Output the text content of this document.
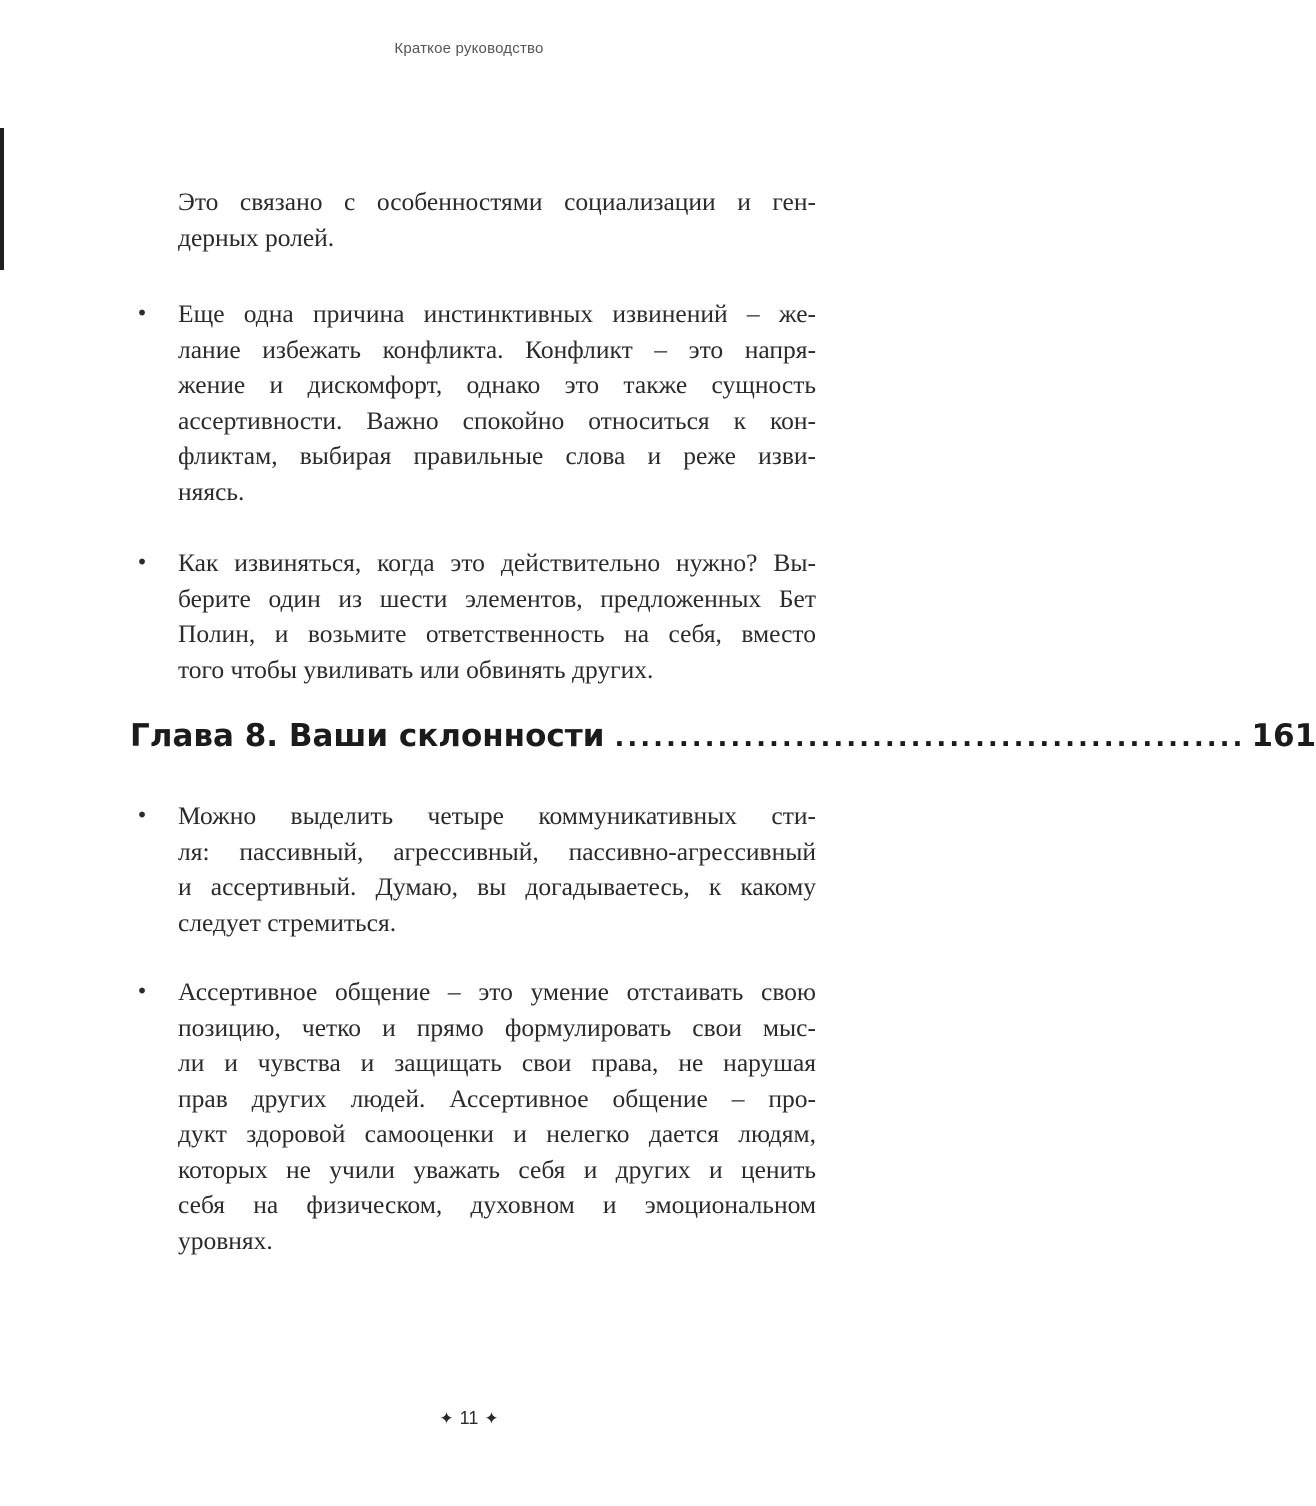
Краткое руководство
Это связано с особенностями социализации и ген-
дерных ролей.
• Еще одна причина инстинктивных извинений – же-
лание избежать конфликта. Конфликт – это напря-
жение и дискомфорт, однако это также сущность
ассертивности. Важно спокойно относиться к кон-
фликтам, выбирая правильные слова и реже изви-
няясь.
• Как извиняться, когда это действительно нужно? Вы-
берите один из шести элементов, предложенных Бет
Полин, и возьмите ответственность на себя, вместо
того чтобы увиливать или обвинять других.
Глава 8. Ваши склонности ................................................. 161
• Можно выделить четыре коммуникативных сти-
ля: пассивный, агрессивный, пассивно-агрессивный
и ассертивный. Думаю, вы догадываетесь, к какому
следует стремиться.
• Ассертивное общение – это умение отстаивать свою
позицию, четко и прямо формулировать свои мыс-
ли и чувства и защищать свои права, не нарушая
прав других людей. Ассертивное общение – про-
дукт здоровой самооценки и нелегко дается людям,
которых не учили уважать себя и других и ценить
себя на физическом, духовном и эмоциональном
уровнях.
✦ 11 ✦
